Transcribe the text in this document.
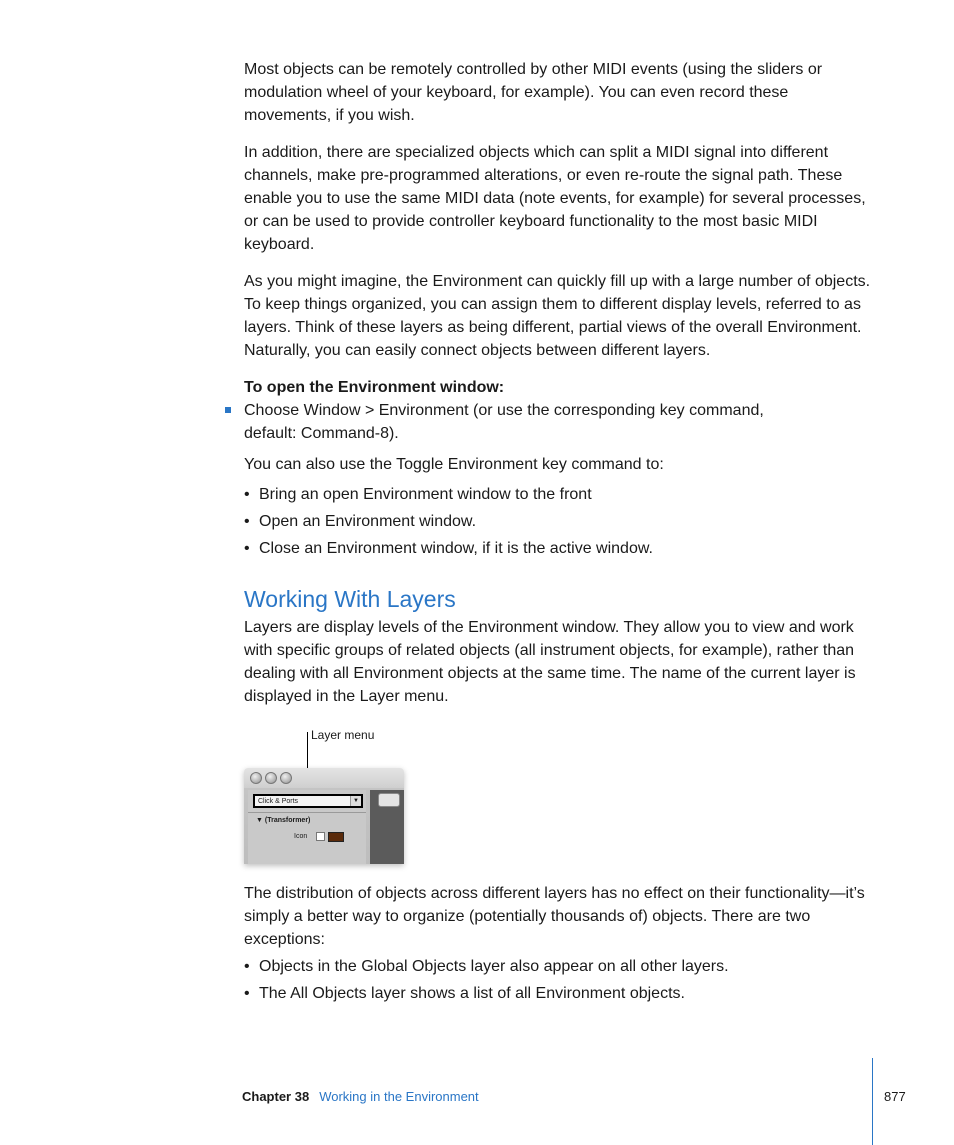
Most objects can be remotely controlled by other MIDI events (using the sliders or modulation wheel of your keyboard, for example). You can even record these movements, if you wish.

In addition, there are specialized objects which can split a MIDI signal into different channels, make pre-programmed alterations, or even re-route the signal path. These enable you to use the same MIDI data (note events, for example) for several processes, or can be used to provide controller keyboard functionality to the most basic MIDI keyboard.

As you might imagine, the Environment can quickly fill up with a large number of objects. To keep things organized, you can assign them to different display levels, referred to as layers. Think of these layers as being different, partial views of the overall Environment. Naturally, you can easily connect objects between different layers.

To open the Environment window:

Choose Window > Environment (or use the corresponding key command, default: Command-8).

You can also use the Toggle Environment key command to:

• Bring an open Environment window to the front
• Open an Environment window.
• Close an Environment window, if it is the active window.
Working With Layers

Layers are display levels of the Environment window. They allow you to view and work with specific groups of related objects (all instrument objects, for example), rather than dealing with all Environment objects at the same time. The name of the current layer is displayed in the Layer menu.

Layer menu
Click & Ports	▼
▼ (Transformer)
Icon

The distribution of objects across different layers has no effect on their functionality—it’s simply a better way to organize (potentially thousands of) objects. There are two exceptions:

• Objects in the Global Objects layer also appear on all other layers.
• The All Objects layer shows a list of all Environment objects.
Chapter 38 Working in the Environment	877
